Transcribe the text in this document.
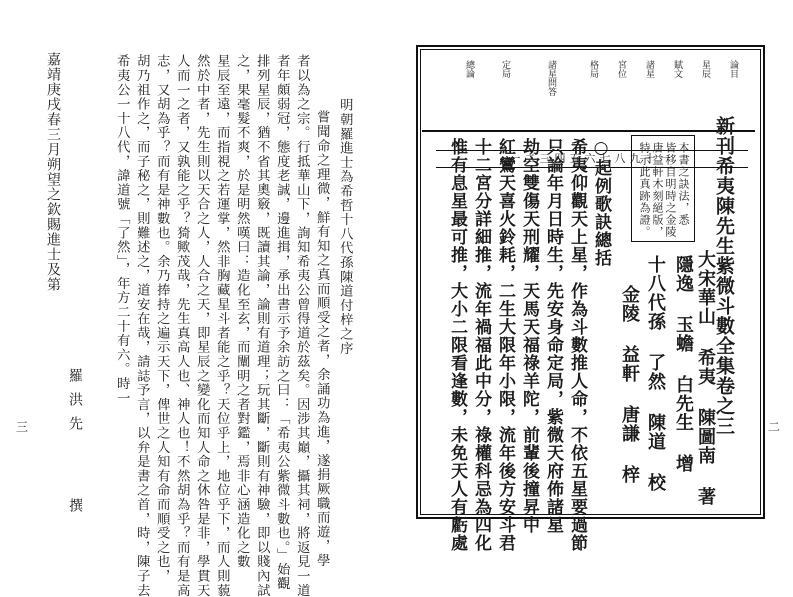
明朝羅進士為希哲十八代孫陳道付梓之序
嘗聞命之理微，鮮有知之真而順受之者，余誦功為進，遂捐厥職而遊，學
者以為之宗。行抵華山下，詢知希夷公曾得道於茲矣。因涉其巔，攝其祠，將返見一道
者年頗弱冠，態度老誠，邊進揖，承出書示予余訪之曰：「希夷公紫微斗數也。」始觀
排列星辰，猶不省其奧竅，既讀其論，論則有道理；玩其斷，斷則有神驗，即以賤內試
之，果毫髮不爽，於是明然嘆曰：造化至玄，而闡明之者對鑑，焉非心涵造化之數
星辰至遠，而指視之若運掌，然非胸藏星斗者能之乎？天位乎上，地位乎下，而人則藐
然於中者，先生則以天合之人，人合之天，即星辰之變化而知人命之休咎是非，學貫天
人而一之者，又孰能之乎？猗歟茂哉，先生真高人也、神人也！不然胡為乎？而有是高
志，又胡為乎？而有是神數也。余乃捧持之遍示天下，俾世之人知有命而順受之也，
胡乃祖作之，而子秘之，則難述之，道安在哉，請誌予言，以弁是書之首，時，陳子去
希夷公一十八代，諱道號「了然」，年方二十有六。時一
嘉靖庚戌春三月朔望之欽賜進士及第
羅洪先
撰
三
論目
星辰
賦文
諸星
宮位
格局
諸星問答
定局
總論
一二三四五六七八九十一	新刊希夷陳先生紫微斗數全集卷之三
本書之訣法，悉
皆移自明時之金陵
唐益軒木刻絕版，
特示此真跡為證。
大宋華山 希夷 陳圖南 著
隱逸 玉蟾 白先生 增
十八代孫 了然 陳道 校
金陵 益軒 唐謙 梓
○起例歌訣總括
希夷仰觀天上星，作為斗數推人命，不依五星要過節
只論年月日時生，先安身命定局，紫微天府佈諸星
劫空雙傷天刑耀，天馬天福祿羊陀，前輩後撞昇中
紅鸞天喜火鈴耗，二生大限年小限，流年後方安斗君
十二宮分詳細推，流年禍福此中分，祿權科忌為四化
惟有息星最可推，大小二限看逢數，未免天人有虧處	二
